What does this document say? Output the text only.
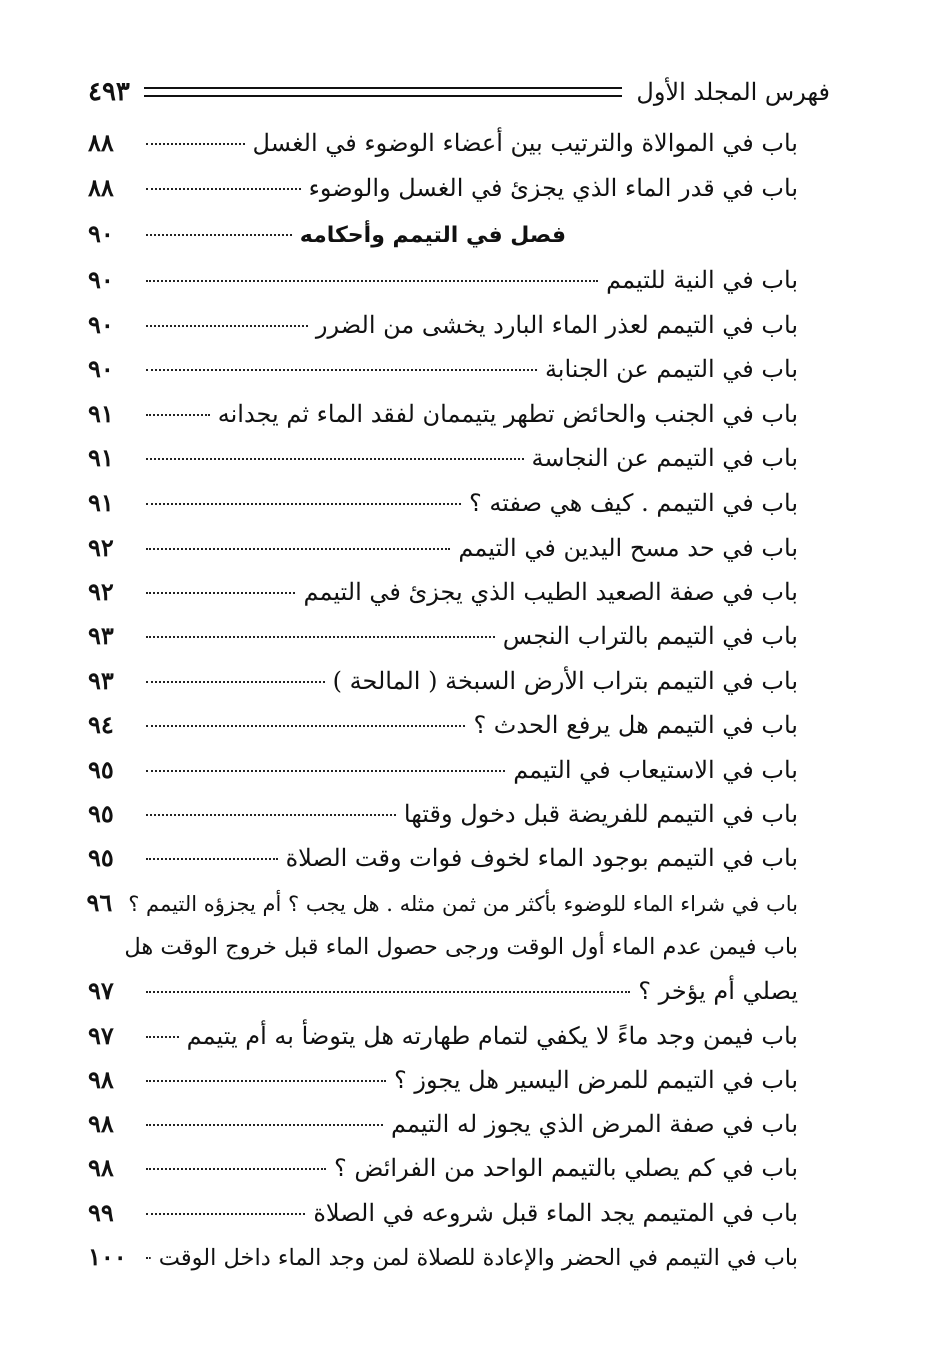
فهرس المجلد الأول
٤٩٣
باب في الموالاة والترتيب بين أعضاء الوضوء في الغسل
٨٨
باب في قدر الماء الذي يجزئ في الغسل والوضوء
٨٨
فصل في التيمم وأحكامه
٩٠
باب في النية للتيمم
٩٠
باب في التيمم لعذر الماء البارد يخشى من الضرر
٩٠
باب في التيمم عن الجنابة
٩٠
باب في الجنب والحائض تطهر يتيممان لفقد الماء ثم يجدانه
٩١
باب في التيمم عن النجاسة
٩١
باب في التيمم . كيف هي صفته ؟
٩١
باب في حد مسح اليدين في التيمم
٩٢
باب في صفة الصعيد الطيب الذي يجزئ في التيمم
٩٢
باب في التيمم بالتراب النجس
٩٣
باب في التيمم بتراب الأرض السبخة ( المالحة )
٩٣
باب في التيمم هل يرفع الحدث ؟
٩٤
باب في الاستيعاب في التيمم
٩٥
باب في التيمم للفريضة قبل دخول وقتها
٩٥
باب في التيمم بوجود الماء لخوف فوات وقت الصلاة
٩٥
باب في شراء الماء للوضوء بأكثر من ثمن مثله . هل يجب ؟ أم يجزؤه التيمم ؟
٩٦
باب فيمن عدم الماء أول الوقت ورجى حصول الماء قبل خروج الوقت هل
يصلي أم يؤخر ؟
٩٧
باب فيمن وجد ماءً لا يكفي لتمام طهارته هل يتوضأ به أم يتيمم
٩٧
باب في التيمم للمرض اليسير هل يجوز ؟
٩٨
باب في صفة المرض الذي يجوز له التيمم
٩٨
باب في كم يصلي بالتيمم الواحد من الفرائض ؟
٩٨
باب في المتيمم يجد الماء قبل شروعه في الصلاة
٩٩
باب في التيمم في الحضر والإعادة للصلاة لمن وجد الماء داخل الوقت
١٠٠
